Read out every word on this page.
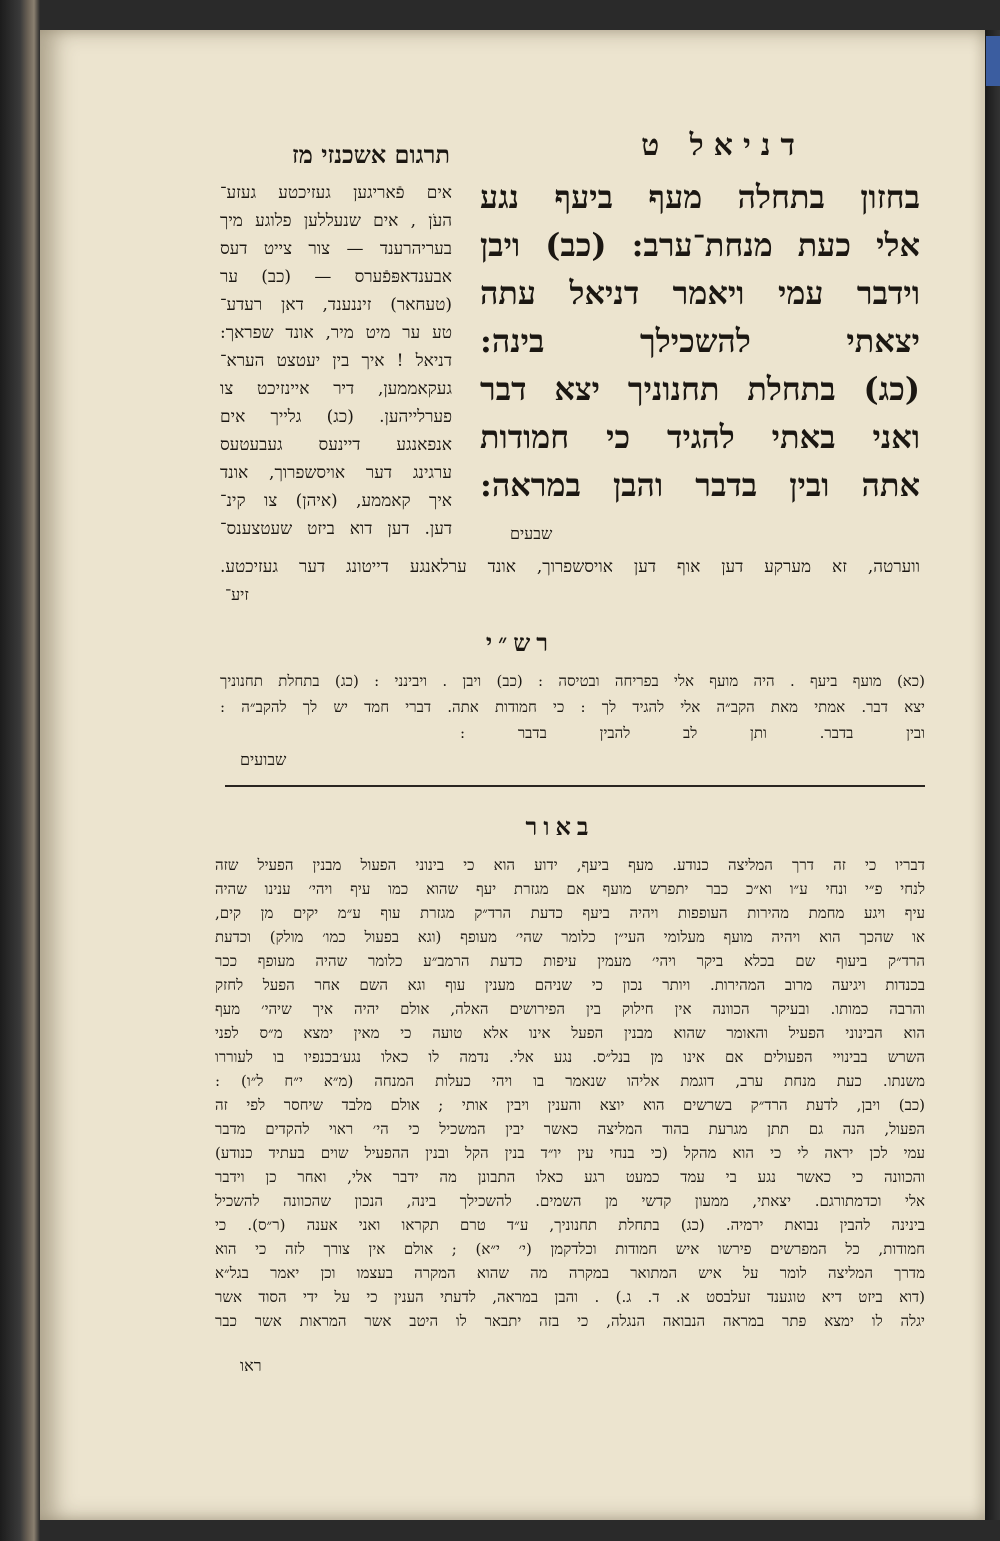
דניאל ט
תרגום אשכנזי מז
בחזון בתחלה מעף ביעף נגע
אלי כעת מנחת־ערב: (כב) ויבן
וידבר עמי ויאמר דניאל עתה
יצאתי להשכילך בינה:
(כג) בתחלת תחנוניך יצא דבר
ואני באתי להגיד כי חמודות
אתה ובין בדבר והבן במראה:
שבעים
אים פֿאריגען געזיכטע געזע־
העֹן , אים שנעללען פלוגע מיך
בעריהרענד — צור צייט דעס
אבענדאפּפֿערס — (כב) ער
(טעחאר) זיננענד, דאן רעדע־
טע ער מיט מיר, אונד שפראך:
דניאל ! איך בין יעטצט הערא־
געקאממען, דיר איינזיכט צו
פערלייהען. (כג) גלייך אים
אנפאנגע דיינעס געבעטעס
ערגינג דער אויסשפרוך, אונד
איך קאממע, (איהן) צו קינ־
דען. דען דוא ביזט שעטצענס־
ווערטה, זא מערקע דען אוף דען אויסשפרוך, אונד ערלאנגע דייטונג דער געזיכטע.
זיע־
רש״י
(כא) מועף ביעף . היה מועף אלי בפריחה ובטיסה : (כב) ויבן . ויבינני : (כג) בתחלת תחנוניך
יצא דבר. אמתי מאת הקב״ה אלי להגיד לך : כי חמודות אתה. דברי חמד יש לך להקב״ה :
ובין בדבר. ותן לב להבין בדבר :
שבועים
באור
דבריו כי זה דרך המליצה כנודע. מעף ביעף, ידוע הוא כי בינוני הפעול מבנין הפעיל שזה
לנחי פ״י ונחי ע״ו וא״כ כבר יתפרש מועף אם מגזרת יעף שהוא כמו עיף ויהי׳ ענינו שהיה
עיף ויגע מחמת מהירות העופפות ויהיה ביעף כדעת הרד״ק מגזרת עוף ע״מ יקים מן קים,
או שהכך הוא ויהיה מועף מעלומי העי״ן כלומר שהי׳ מעופף (וגא בפעול כמו׳ מולק) וכדעת
הרד״ק ביעוף שם בכלא ביקר ויהי׳ מעמין עיפות כדעת הרמב״ע כלומר שהיה מעופף ככר
בכנדות ויגיעה מרוב המהירות. ויותר נכון כי שניהם מענין עוף וגא השם אחר הפעל לחזק
והרבה כמותו. ובעיקר הכוונה אין חילוק בין הפירושים האלה, אולם יהיה איך שיהי׳ מעף
הוא הבינוני הפעיל והאומר שהוא מבנין הפעל אינו אלא טועה כי מאין ימצא מ״ס לפני
השרש בבינויי הפעולים אם אינו מן בנל״ס. נגע אלי. נדמה לו כאלו נגע׳בכנפיו בו לעוררו
משנתו. כעת מנחת ערב, דוגמת אליהו שנאמר בו ויהי כעלות המנחה (מ״א י״ח ל״ו) :
(כב) ויבן, לדעת הרד״ק בשרשים הוא יוצא והענין ויבין אותי ; אולם מלבד שיחסר לפי זה
הפעול, הנה גם תתן מגרעת בהוד המליצה כאשר יבין המשכיל כי הי׳ ראוי להקדים מדבר
עמי לכן יראה לי כי הוא מהקל (כי בנחי עין יו״ד בנין הקל ובנין ההפעיל שוים בעתיד כנודע)
והכוונה כי כאשר נגע בי עמד כמעט רגע כאלו התבונן מה ידבר אלי, ואחר כן וידבר
אלי וכדמתורגם. יצאתי, ממעון קדשי מן השמים. להשכילך בינה, הנכון שהכוונה להשכיל
בינינה להבין נבואת ירמיה. (כג) בתחלת תחנוניך, ע״ד טרם תקראו ואני אענה (ר״ס). כי
חמודות, כל המפרשים פירשו איש חמודות וכלדקמן (י׳ י״א) ; אולם אין צורך לזה כי הוא
מדרך המליצה לומר על איש המתואר במקרה מה שהוא המקרה בעצמו וכן יאמר בגל״א
(דוא ביזט דיא טוגענד זעלבסט א. ד. ג.) . והבן במראה, לדעתי הענין כי על ידי הסוד אשר
יגלה לו ימצא פתר במראה הנבואה הנגלה, כי בזה יתבאר לו היטב אשר המראות אשר כבר
ראו
